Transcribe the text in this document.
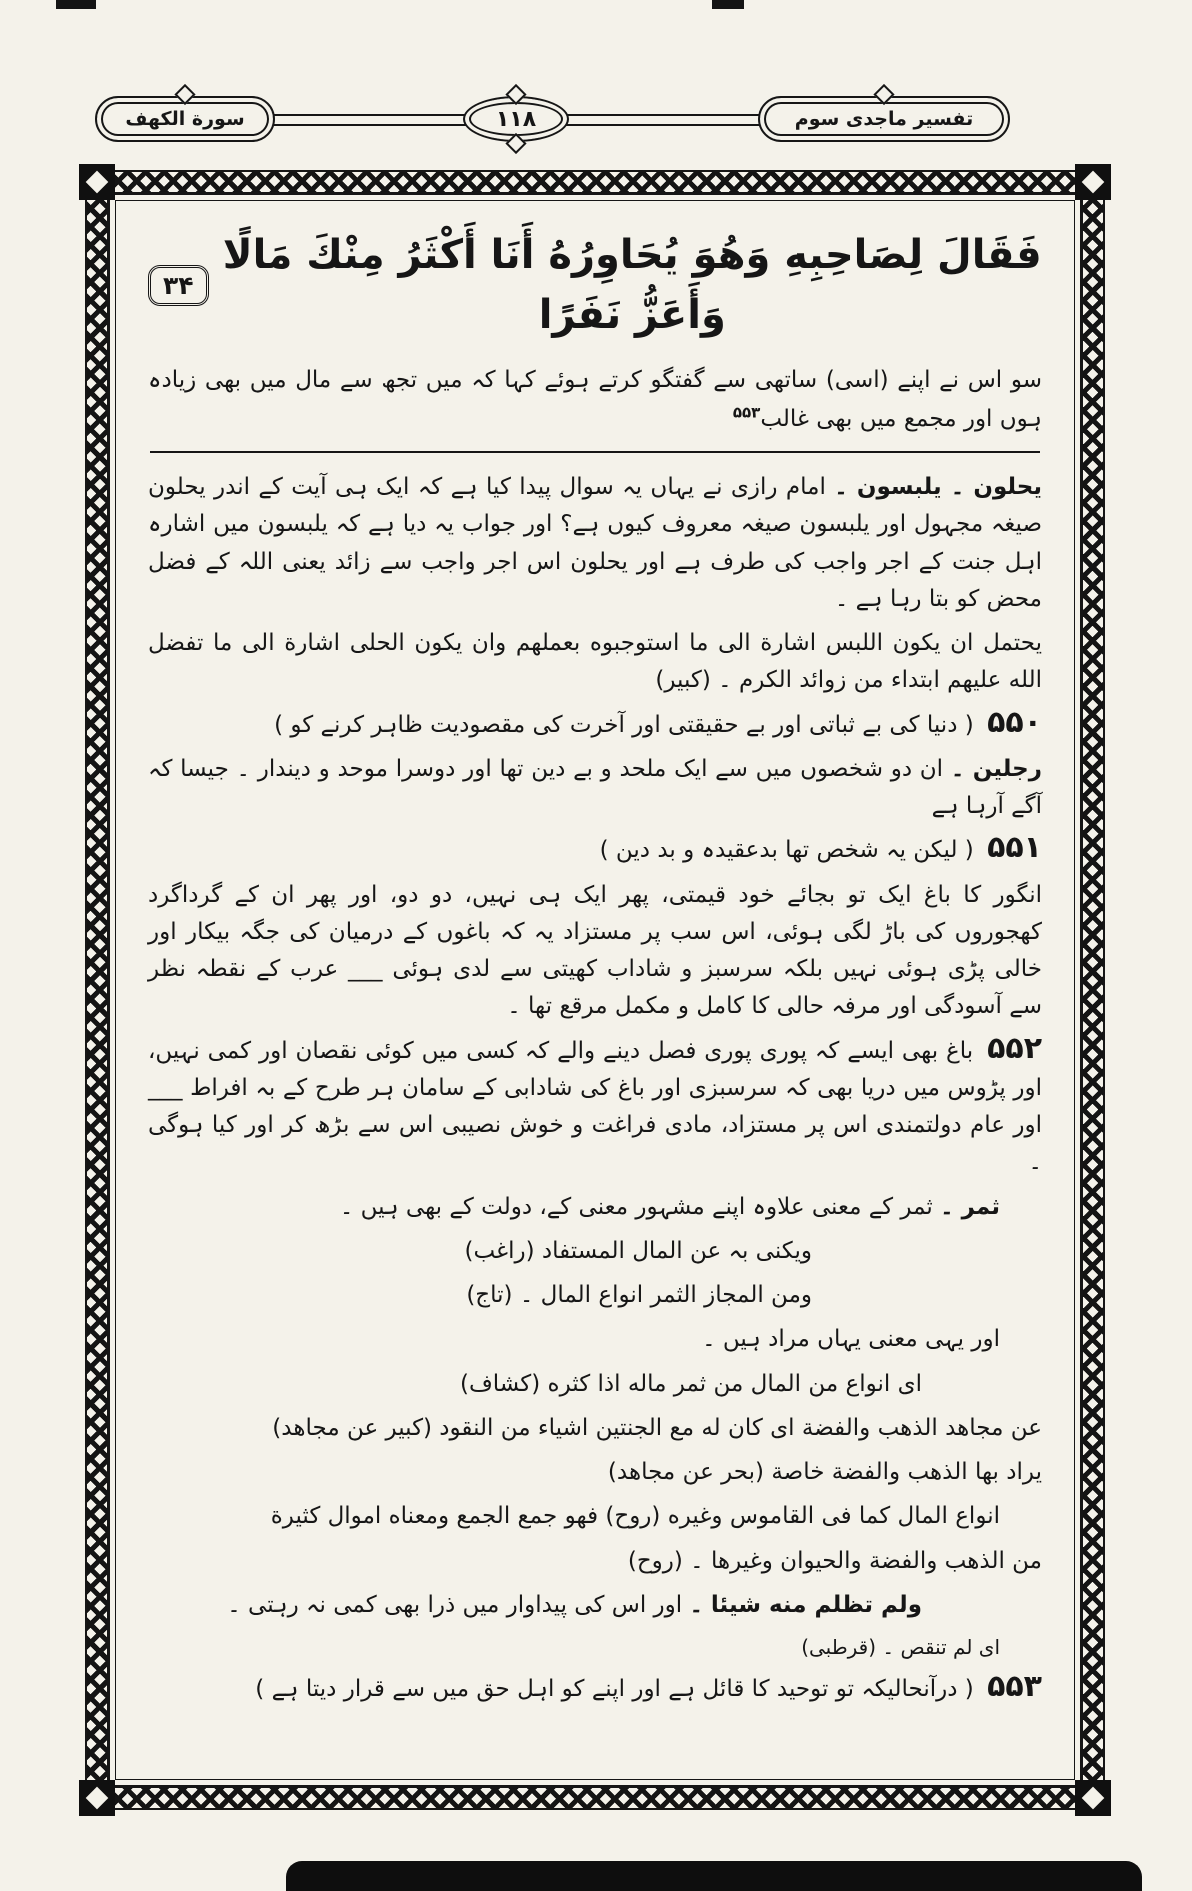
تفسير ماجدى سوم
۱۱۸
سورة الكهف
فَقَالَ لِصَاحِبِهِ وَهُوَ يُحَاوِرُهُ أَنَا أَكْثَرُ مِنْكَ مَالًا وَأَعَزُّ نَفَرًا
۳۴
سو اس نے اپنے (اسی) ساتھی سے گفتگو کرتے ہوئے کہا کہ میں تجھ سے مال میں بھی زیادہ ہوں اور مجمع میں بھی غالب$^{۵۵۳}$

یحلون ۔ یلبسون ۔ امام رازی نے یہاں یہ سوال پیدا کیا ہے کہ ایک ہی آیت کے اندر یحلون صیغہ مجہول اور یلبسون صیغہ معروف کیوں ہے؟ اور جواب یہ دیا ہے کہ یلبسون میں اشارہ اہل جنت کے اجر واجب کی طرف ہے اور یحلون اس اجر واجب سے زائد یعنی اللہ کے فضل محض کو بتا رہا ہے ۔

یحتمل ان یکون اللبس اشارة الی ما استوجبوه بعملهم وان یکون الحلی اشارة الی ما تفضل الله علیهم ابتداء من زوائد الکرم ۔ (کبیر)

۵۵۰ ( دنیا کی بے ثباتی اور بے حقیقتی اور آخرت کی مقصودیت ظاہر کرنے کو )

رجلین ۔ ان دو شخصوں میں سے ایک ملحد و بے دین تھا اور دوسرا موحد و دیندار ۔ جیسا کہ آگے آرہا ہے

۵۵۱ ( لیکن یہ شخص تھا بدعقیدہ و بد دین )

انگور کا باغ ایک تو بجائے خود قیمتی، پھر ایک ہی نہیں، دو دو، اور پھر ان کے گرداگرد کھجوروں کی باڑ لگی ہوئی، اس سب پر مستزاد یہ کہ باغوں کے درمیان کی جگہ بیکار اور خالی پڑی ہوئی نہیں بلکہ سرسبز و شاداب کھیتی سے لدی ہوئی ___ عرب کے نقطہ نظر سے آسودگی اور مرفہ حالی کا کامل و مکمل مرقع تھا ۔

۵۵۲ باغ بھی ایسے کہ پوری پوری فصل دینے والے کہ کسی میں کوئی نقصان اور کمی نہیں، اور پڑوس میں دریا بھی کہ سرسبزی اور باغ کی شادابی کے سامان ہر طرح کے بہ افراط ___ اور عام دولتمندی اس پر مستزاد، مادی فراغت و خوش نصیبی اس سے بڑھ کر اور کیا ہوگی ۔

ثمر ۔ ثمر کے معنی علاوہ اپنے مشہور معنی کے، دولت کے بھی ہیں ۔

ویکنی بہ عن المال المستفاد (راغب)

ومن المجاز الثمر انواع المال ۔ (تاج)

اور یہی معنی یہاں مراد ہیں ۔

ای انواع من المال من ثمر ماله اذا کثره (کشاف)

عن مجاهد الذهب والفضة ای کان له مع الجنتین اشیاء من النقود (کبیر عن مجاهد)

یراد بها الذهب والفضة خاصة (بحر عن مجاهد)

انواع المال کما فی القاموس وغیره (روح) فهو جمع الجمع ومعناه اموال کثیرة

من الذهب والفضة والحیوان وغیرها ۔ (روح)

ولم تظلم منه شیئا ۔ اور اس کی پیداوار میں ذرا بھی کمی نہ رہتی ۔

ای لم تنقص ۔ (قرطبی)

۵۵۳ ( درآنحالیکہ تو توحید کا قائل ہے اور اپنے کو اہل حق میں سے قرار دیتا ہے )
